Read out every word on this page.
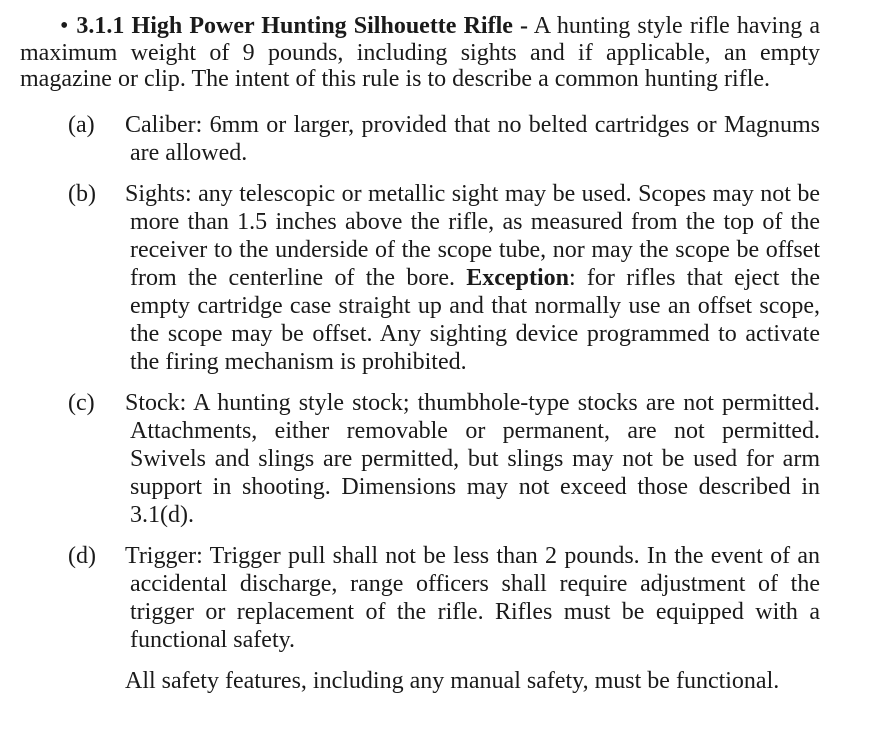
• 3.1.1 High Power Hunting Silhouette Rifle - A hunting style rifle having a maximum weight of 9 pounds, including sights and if applicable, an empty magazine or clip. The intent of this rule is to describe a common hunting rifle.

(a) Caliber: 6mm or larger, provided that no belted cartridges or Magnums are allowed.
(b) Sights: any telescopic or metallic sight may be used. Scopes may not be more than 1.5 inches above the rifle, as measured from the top of the receiver to the underside of the scope tube, nor may the scope be offset from the centerline of the bore. Exception: for rifles that eject the empty cartridge case straight up and that normally use an offset scope, the scope may be offset. Any sighting device programmed to activate the firing mechanism is prohibited.
(c) Stock: A hunting style stock; thumbhole-type stocks are not permitted. Attachments, either removable or permanent, are not permitted. Swivels and slings are permitted, but slings may not be used for arm support in shooting. Dimensions may not exceed those described in 3.1(d).
(d) Trigger: Trigger pull shall not be less than 2 pounds. In the event of an accidental discharge, range officers shall require adjustment of the trigger or replacement of the rifle. Rifles must be equipped with a functional safety.
All safety features, including any manual safety, must be functional.
